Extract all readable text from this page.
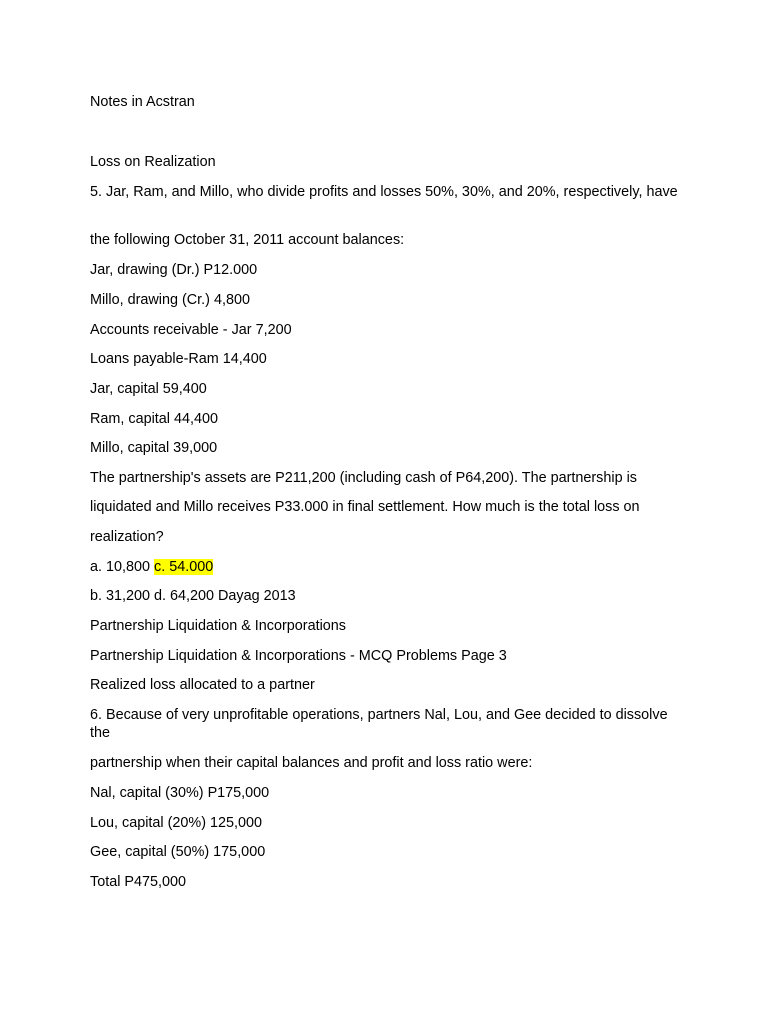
Notes in Acstran

Loss on Realization

5. Jar, Ram, and Millo, who divide profits and losses 50%, 30%, and 20%, respectively, have

the following October 31, 2011 account balances:

Jar, drawing (Dr.) P12.000

Millo, drawing (Cr.) 4,800

Accounts receivable - Jar 7,200

Loans payable-Ram 14,400

Jar, capital 59,400

Ram, capital 44,400

Millo, capital 39,000

The partnership's assets are P211,200 (including cash of P64,200). The partnership is

liquidated and Millo receives P33.000 in final settlement. How much is the total loss on

realization?

a. 10,800 c. 54.000

b. 31,200 d. 64,200 Dayag 2013

Partnership Liquidation & Incorporations

Partnership Liquidation & Incorporations - MCQ Problems Page 3

Realized loss allocated to a partner

6. Because of very unprofitable operations, partners Nal, Lou, and Gee decided to dissolve the

partnership when their capital balances and profit and loss ratio were:

Nal, capital (30%) P175,000

Lou, capital (20%) 125,000

Gee, capital (50%) 175,000

Total P475,000
